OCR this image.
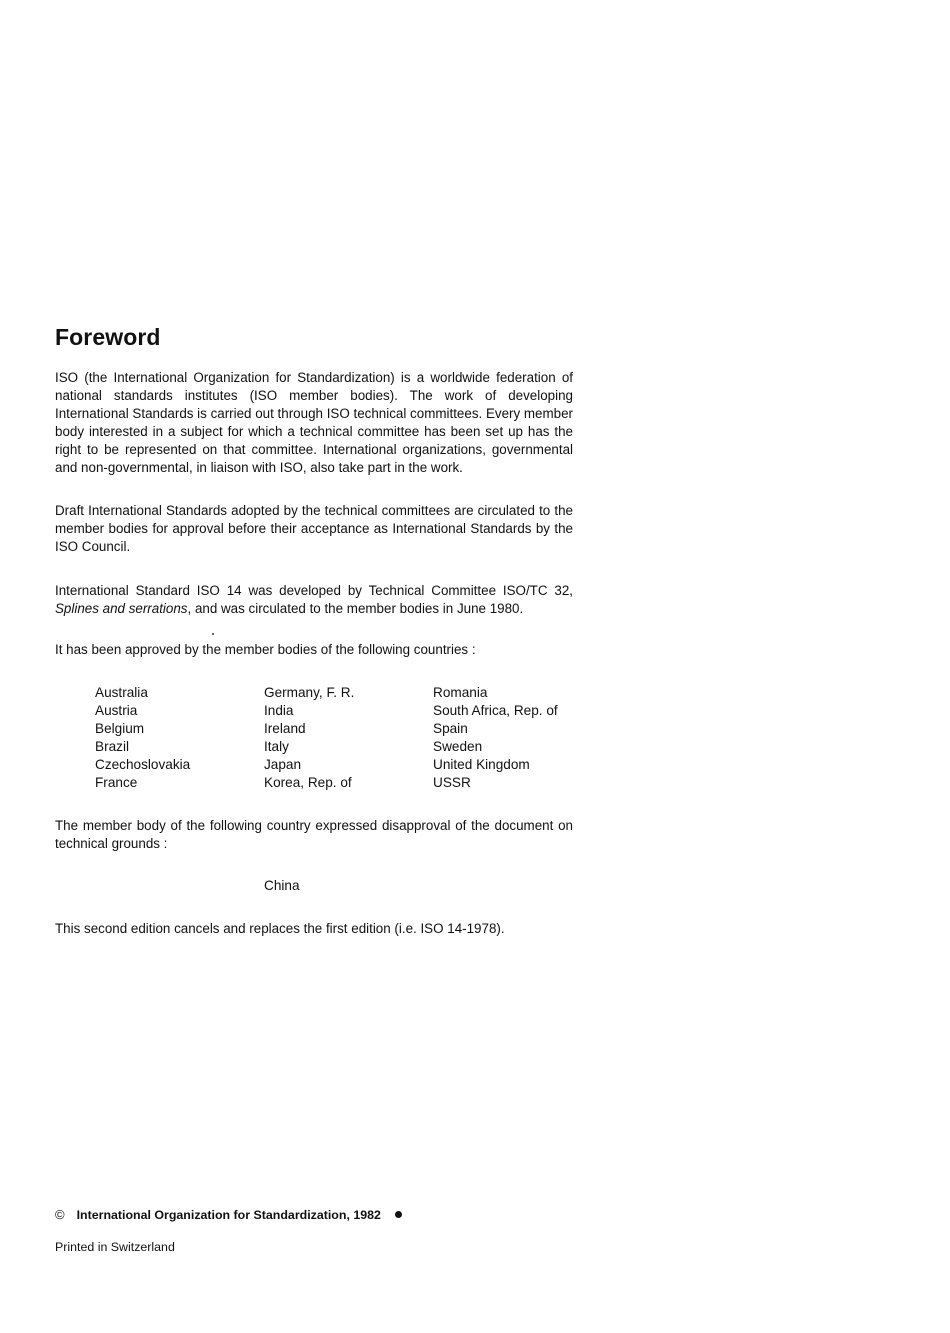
Foreword

ISO (the International Organization for Standardization) is a worldwide federation of national standards institutes (ISO member bodies). The work of developing International Standards is carried out through ISO technical committees. Every member body interested in a subject for which a technical committee has been set up has the right to be represented on that committee. International organizations, governmental and non-governmental, in liaison with ISO, also take part in the work.

Draft International Standards adopted by the technical committees are circulated to the member bodies for approval before their acceptance as International Standards by the ISO Council.

International Standard ISO 14 was developed by Technical Committee ISO/TC 32, Splines and serrations, and was circulated to the member bodies in June 1980.

It has been approved by the member bodies of the following countries :

Australia
Austria
Belgium
Brazil
Czechoslovakia
France
Germany, F. R.
India
Ireland
Italy
Japan
Korea, Rep. of
Romania
South Africa, Rep. of
Spain
Sweden
United Kingdom
USSR

The member body of the following country expressed disapproval of the document on technical grounds :

China

This second edition cancels and replaces the first edition (i.e. ISO 14-1978).

© International Organization for Standardization, 1982
Printed in Switzerland
